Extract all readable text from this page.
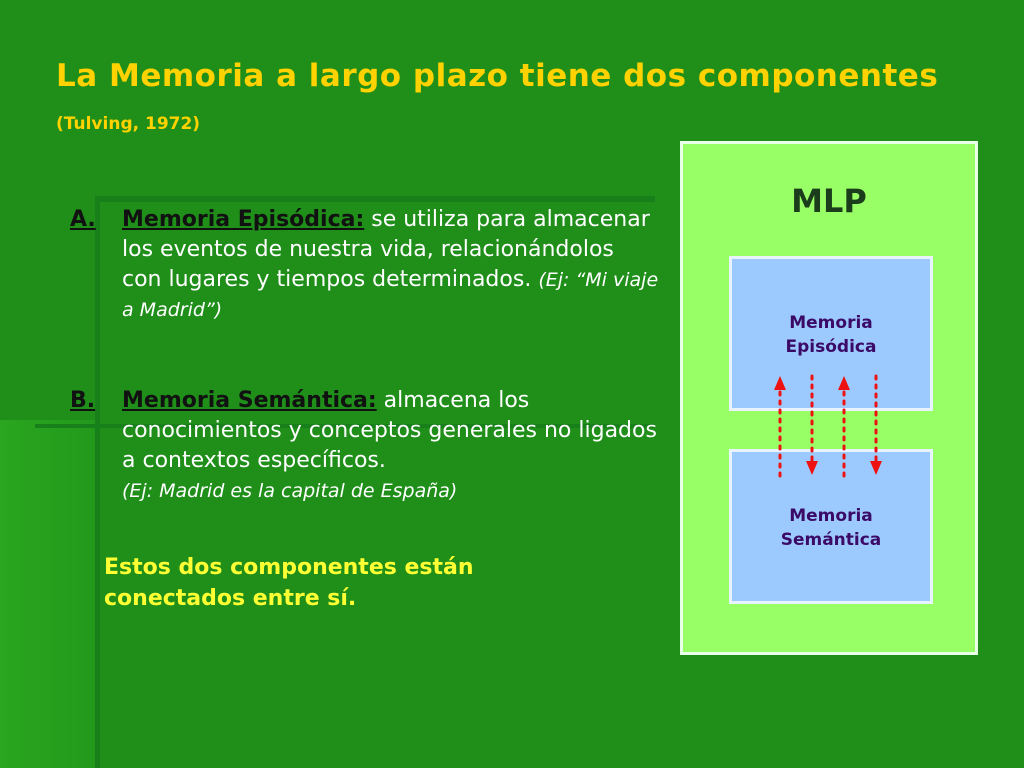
La Memoria a largo plazo tiene dos componentes
(Tulving, 1972)
A.	Memoria Episódica: se utiliza para almacenar los eventos de nuestra vida, relacionándolos con lugares y tiempos determinados. (Ej: “Mi viaje a Madrid”)
B.	Memoria Semántica: almacena los conocimientos y conceptos generales no ligados a contextos específicos.
(Ej: Madrid es la capital de España)
Estos dos componentes están
conectados entre sí.
MLP
Memoria
Episódica
Memoria
Semántica
